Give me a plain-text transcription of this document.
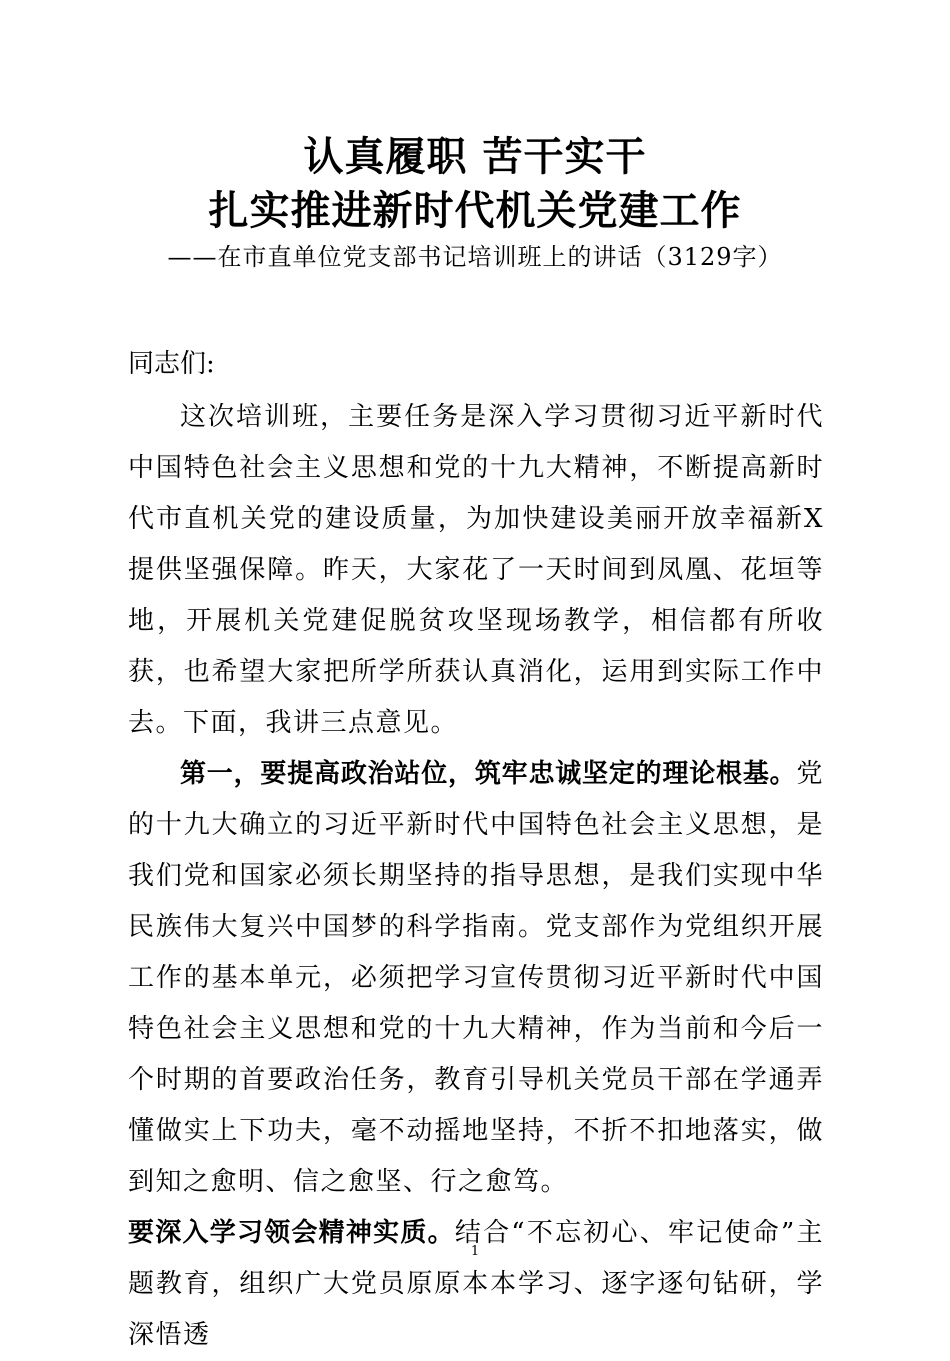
认真履职 苦干实干
扎实推进新时代机关党建工作
——在市直单位党支部书记培训班上的讲话（3129字）
同志们:

这次培训班，主要任务是深入学习贯彻习近平新时代中国特色社会主义思想和党的十九大精神，不断提高新时代市直机关党的建设质量，为加快建设美丽开放幸福新X提供坚强保障。昨天，大家花了一天时间到凤凰、花垣等地，开展机关党建促脱贫攻坚现场教学，相信都有所收获，也希望大家把所学所获认真消化，运用到实际工作中去。下面，我讲三点意见。

第一，要提高政治站位，筑牢忠诚坚定的理论根基。党的十九大确立的习近平新时代中国特色社会主义思想，是我们党和国家必须长期坚持的指导思想，是我们实现中华民族伟大复兴中国梦的科学指南。党支部作为党组织开展工作的基本单元，必须把学习宣传贯彻习近平新时代中国特色社会主义思想和党的十九大精神，作为当前和今后一个时期的首要政治任务，教育引导机关党员干部在学通弄懂做实上下功夫，毫不动摇地坚持，不折不扣地落实，做到知之愈明、信之愈坚、行之愈笃。

要深入学习领会精神实质。结合“不忘初心、牢记使命”主题教育，组织广大党员原原本本学习、逐字逐句钻研，学深悟透

1
